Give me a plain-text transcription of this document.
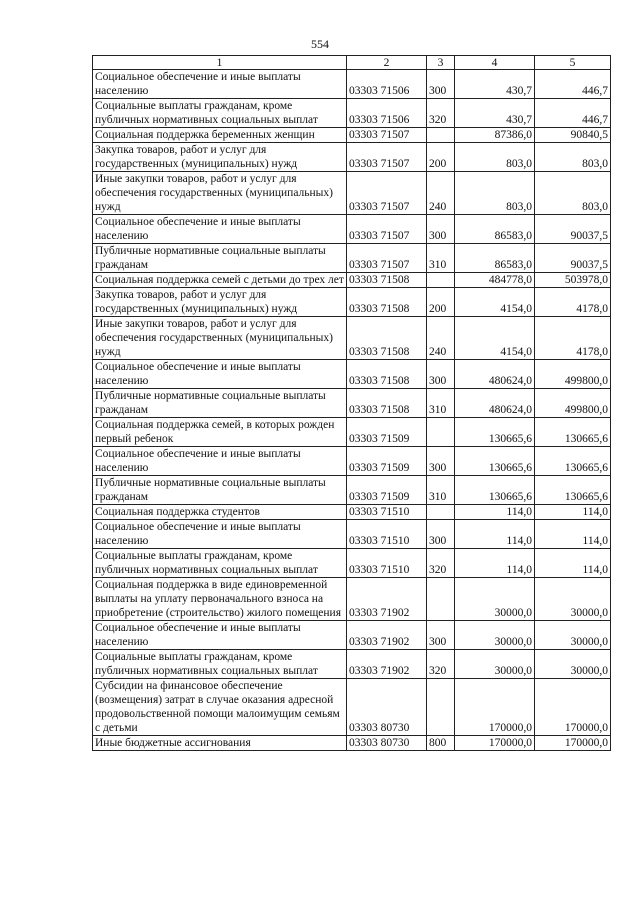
554
1	2	3	4	5
Социальное обеспечение и иные выплаты населению	03303 71506	300	430,7	446,7
Социальные выплаты гражданам, кроме публичных нормативных социальных выплат	03303 71506	320	430,7	446,7
Социальная поддержка беременных женщин	03303 71507		87386,0	90840,5
Закупка товаров, работ и услуг для государственных (муниципальных) нужд	03303 71507	200	803,0	803,0
Иные закупки товаров, работ и услуг для обеспечения государственных (муниципальных) нужд	03303 71507	240	803,0	803,0
Социальное обеспечение и иные выплаты населению	03303 71507	300	86583,0	90037,5
Публичные нормативные социальные выплаты гражданам	03303 71507	310	86583,0	90037,5
Социальная поддержка семей с детьми до трех лет	03303 71508		484778,0	503978,0
Закупка товаров, работ и услуг для государственных (муниципальных) нужд	03303 71508	200	4154,0	4178,0
Иные закупки товаров, работ и услуг для обеспечения государственных (муниципальных) нужд	03303 71508	240	4154,0	4178,0
Социальное обеспечение и иные выплаты населению	03303 71508	300	480624,0	499800,0
Публичные нормативные социальные выплаты гражданам	03303 71508	310	480624,0	499800,0
Социальная поддержка семей, в которых рожден первый ребенок	03303 71509		130665,6	130665,6
Социальное обеспечение и иные выплаты населению	03303 71509	300	130665,6	130665,6
Публичные нормативные социальные выплаты гражданам	03303 71509	310	130665,6	130665,6
Социальная поддержка студентов	03303 71510		114,0	114,0
Социальное обеспечение и иные выплаты населению	03303 71510	300	114,0	114,0
Социальные выплаты гражданам, кроме публичных нормативных социальных выплат	03303 71510	320	114,0	114,0
Социальная поддержка в виде единовременной выплаты на уплату первоначального взноса на приобретение (строительство) жилого помещения	03303 71902		30000,0	30000,0
Социальное обеспечение и иные выплаты населению	03303 71902	300	30000,0	30000,0
Социальные выплаты гражданам, кроме публичных нормативных социальных выплат	03303 71902	320	30000,0	30000,0
Субсидии на финансовое обеспечение (возмещения) затрат в случае оказания адресной продовольственной помощи малоимущим семьям с детьми	03303 80730		170000,0	170000,0
Иные бюджетные ассигнования	03303 80730	800	170000,0	170000,0
